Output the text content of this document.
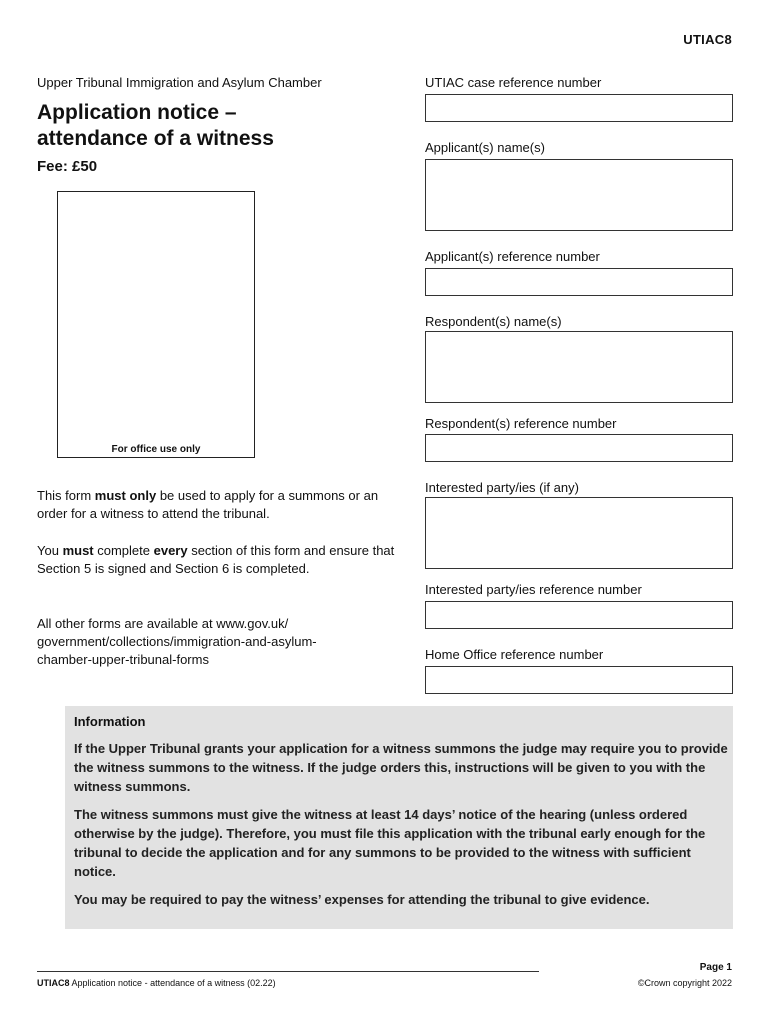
UTIAC8
Upper Tribunal Immigration and Asylum Chamber
Application notice –
attendance of a witness
Fee: £50
For office use only
This form must only be used to apply for a summons or an order for a witness to attend the tribunal.
You must complete every section of this form and ensure that Section 5 is signed and Section 6 is completed.
All other forms are available at www.gov.uk/
government/collections/immigration-and-asylum-
chamber-upper-tribunal-forms
UTIAC case reference number
Applicant(s) name(s)
Applicant(s) reference number
Respondent(s) name(s)
Respondent(s) reference number
Interested party/ies (if any)
Interested party/ies reference number
Home Office reference number
Information

If the Upper Tribunal grants your application for a witness summons the judge may require you to provide the witness summons to the witness. If the judge orders this, instructions will be given to you with the witness summons.

The witness summons must give the witness at least 14 days’ notice of the hearing (unless ordered otherwise by the judge). Therefore, you must file this application with the tribunal early enough for the tribunal to decide the application and for any summons to be provided to the witness with sufficient notice.

You may be required to pay the witness’ expenses for attending the tribunal to give evidence.

UTIAC8 Application notice - attendance of a witness (02.22)
Page 1
©Crown copyright 2022
